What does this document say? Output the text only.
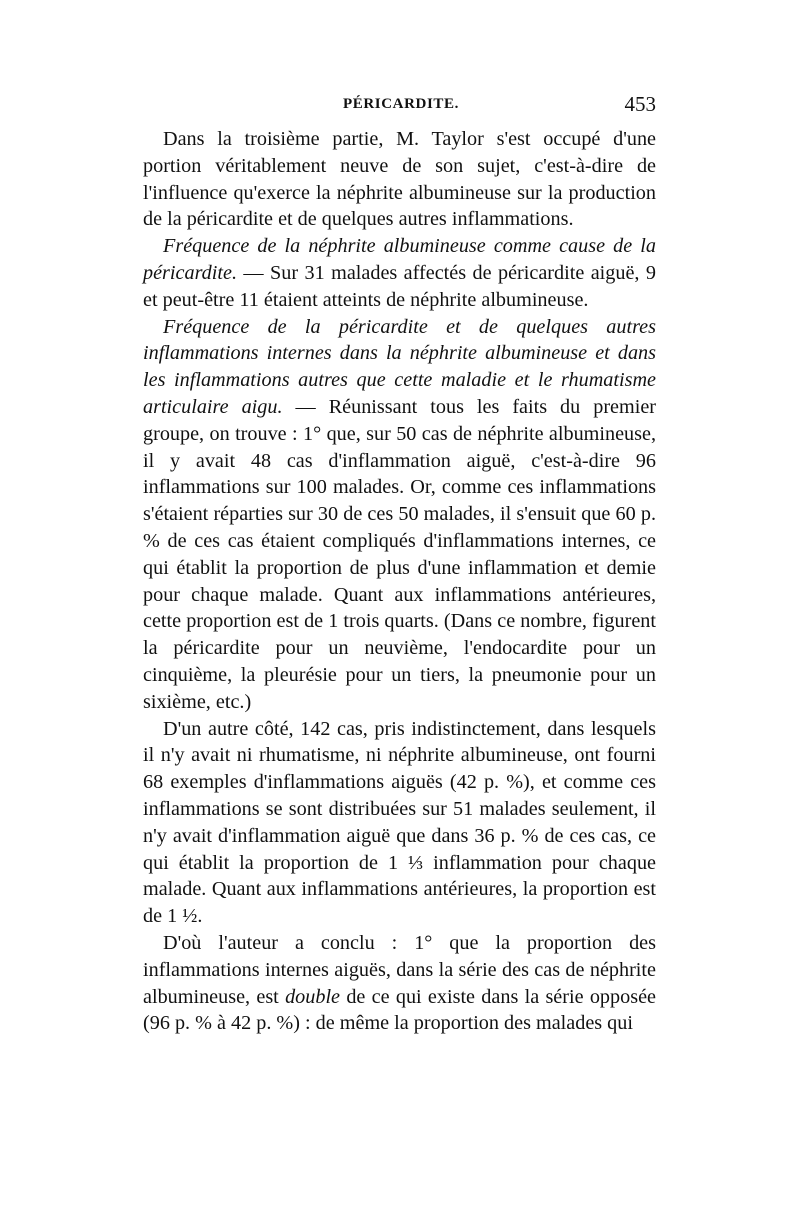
PÉRICARDITE.	453

Dans la troisième partie, M. Taylor s'est occupé d'une portion véritablement neuve de son sujet, c'est-à-dire de l'influence qu'exerce la néphrite albumineuse sur la production de la péricardite et de quelques autres inflammations.

Fréquence de la néphrite albumineuse comme cause de la péricardite. — Sur 31 malades affectés de péricardite aiguë, 9 et peut-être 11 étaient atteints de néphrite albumineuse.

Fréquence de la péricardite et de quelques autres inflammations internes dans la néphrite albumineuse et dans les inflammations autres que cette maladie et le rhumatisme articulaire aigu. — Réunissant tous les faits du premier groupe, on trouve : 1° que, sur 50 cas de néphrite albumineuse, il y avait 48 cas d'inflammation aiguë, c'est-à-dire 96 inflammations sur 100 malades. Or, comme ces inflammations s'étaient réparties sur 30 de ces 50 malades, il s'ensuit que 60 p. % de ces cas étaient compliqués d'inflammations internes, ce qui établit la proportion de plus d'une inflammation et demie pour chaque malade. Quant aux inflammations antérieures, cette proportion est de 1 trois quarts. (Dans ce nombre, figurent la péricardite pour un neuvième, l'endocardite pour un cinquième, la pleurésie pour un tiers, la pneumonie pour un sixième, etc.)

D'un autre côté, 142 cas, pris indistinctement, dans lesquels il n'y avait ni rhumatisme, ni néphrite albumineuse, ont fourni 68 exemples d'inflammations aiguës (42 p. %), et comme ces inflammations se sont distribuées sur 51 malades seulement, il n'y avait d'inflammation aiguë que dans 36 p. % de ces cas, ce qui établit la proportion de 1 ⅓ inflammation pour chaque malade. Quant aux inflammations antérieures, la proportion est de 1 ½.

D'où l'auteur a conclu : 1° que la proportion des inflammations internes aiguës, dans la série des cas de néphrite albumineuse, est double de ce qui existe dans la série opposée (96 p. % à 42 p. %) : de même la proportion des malades qui
